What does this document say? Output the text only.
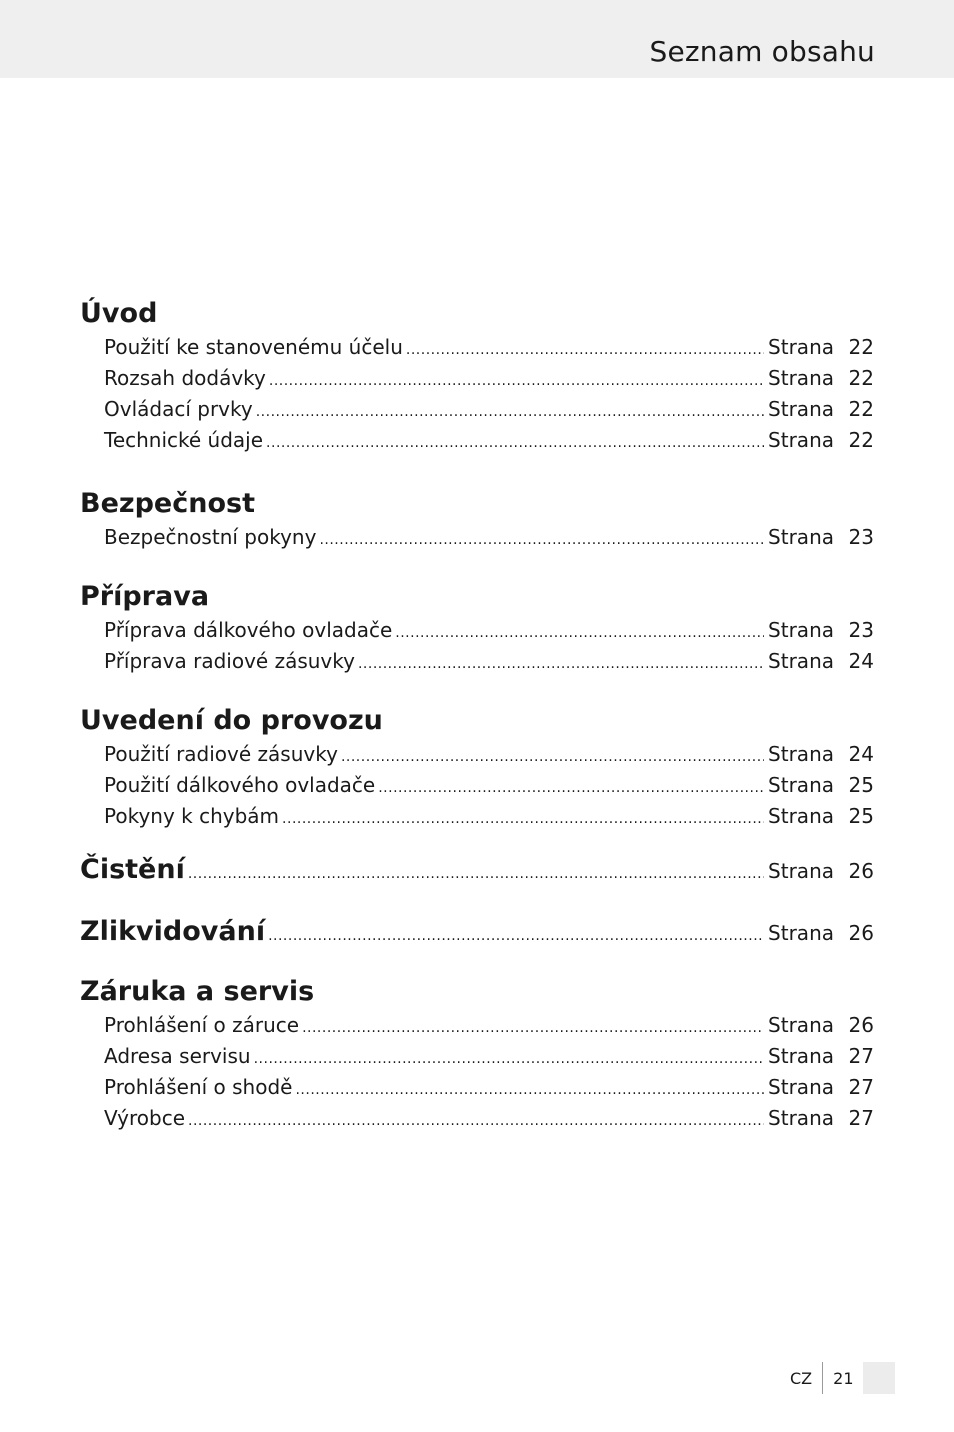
Seznam obsahu
Úvod
Použití ke stanovenému účelu .....	Strana 22
Rozsah dodávky .....	Strana 22
Ovládací prvky .....	Strana 22
Technické údaje .....	Strana 22
Bezpečnost
Bezpečnostní pokyny .....	Strana 23
Příprava
Příprava dálkového ovladače .....	Strana 23
Příprava radiové zásuvky .....	Strana 24
Uvedení do provozu
Použití radiové zásuvky .....	Strana 24
Použití dálkového ovladače .....	Strana 25
Pokyny k chybám .....	Strana 25
Čistění .....	Strana 26
Zlikvidování .....	Strana 26
Záruka a servis
Prohlášení o záruce .....	Strana 26
Adresa servisu .....	Strana 27
Prohlášení o shodě .....	Strana 27
Výrobce .....	Strana 27
CZ	21
